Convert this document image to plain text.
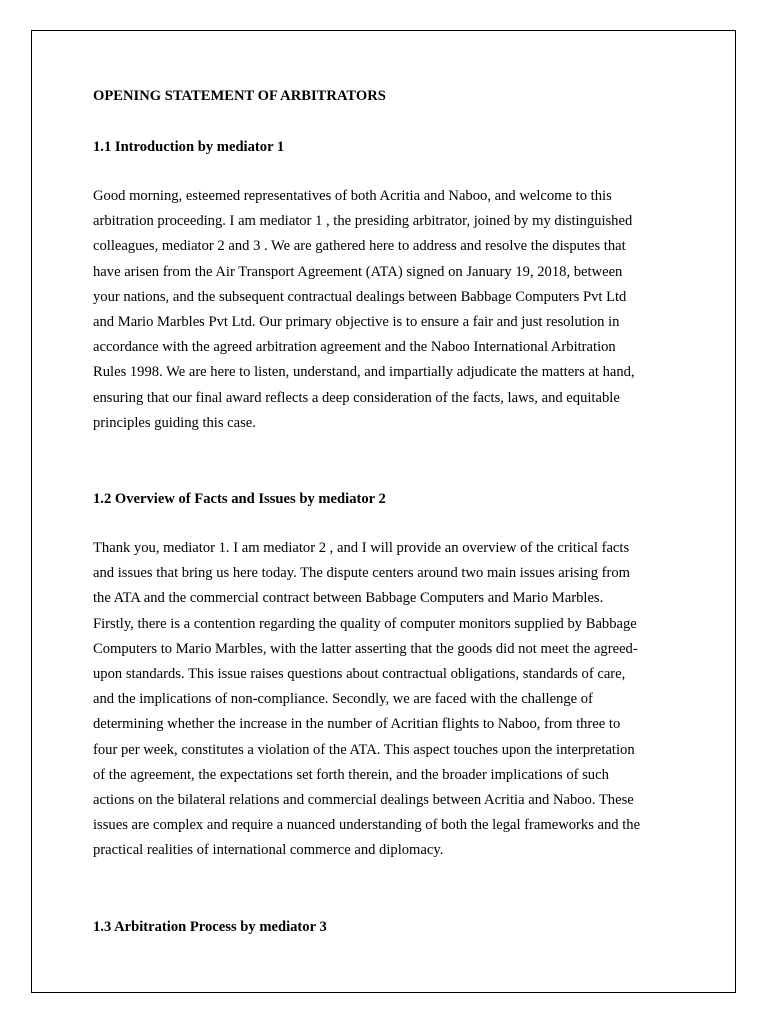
OPENING STATEMENT OF ARBITRATORS
1.1 Introduction by mediator 1
Good morning, esteemed representatives of both Acritia and Naboo, and welcome to this
arbitration proceeding. I am mediator 1 , the presiding arbitrator, joined by my distinguished
colleagues, mediator 2 and 3 . We are gathered here to address and resolve the disputes that
have arisen from the Air Transport Agreement (ATA) signed on January 19, 2018, between
your nations, and the subsequent contractual dealings between Babbage Computers Pvt Ltd
and Mario Marbles Pvt Ltd. Our primary objective is to ensure a fair and just resolution in
accordance with the agreed arbitration agreement and the Naboo International Arbitration
Rules 1998. We are here to listen, understand, and impartially adjudicate the matters at hand,
ensuring that our final award reflects a deep consideration of the facts, laws, and equitable
principles guiding this case.
1.2 Overview of Facts and Issues by mediator 2
Thank you, mediator 1. I am mediator 2 , and I will provide an overview of the critical facts
and issues that bring us here today. The dispute centers around two main issues arising from
the ATA and the commercial contract between Babbage Computers and Mario Marbles.
Firstly, there is a contention regarding the quality of computer monitors supplied by Babbage
Computers to Mario Marbles, with the latter asserting that the goods did not meet the agreed-
upon standards. This issue raises questions about contractual obligations, standards of care,
and the implications of non-compliance. Secondly, we are faced with the challenge of
determining whether the increase in the number of Acritian flights to Naboo, from three to
four per week, constitutes a violation of the ATA. This aspect touches upon the interpretation
of the agreement, the expectations set forth therein, and the broader implications of such
actions on the bilateral relations and commercial dealings between Acritia and Naboo. These
issues are complex and require a nuanced understanding of both the legal frameworks and the
practical realities of international commerce and diplomacy.
1.3 Arbitration Process by mediator 3
